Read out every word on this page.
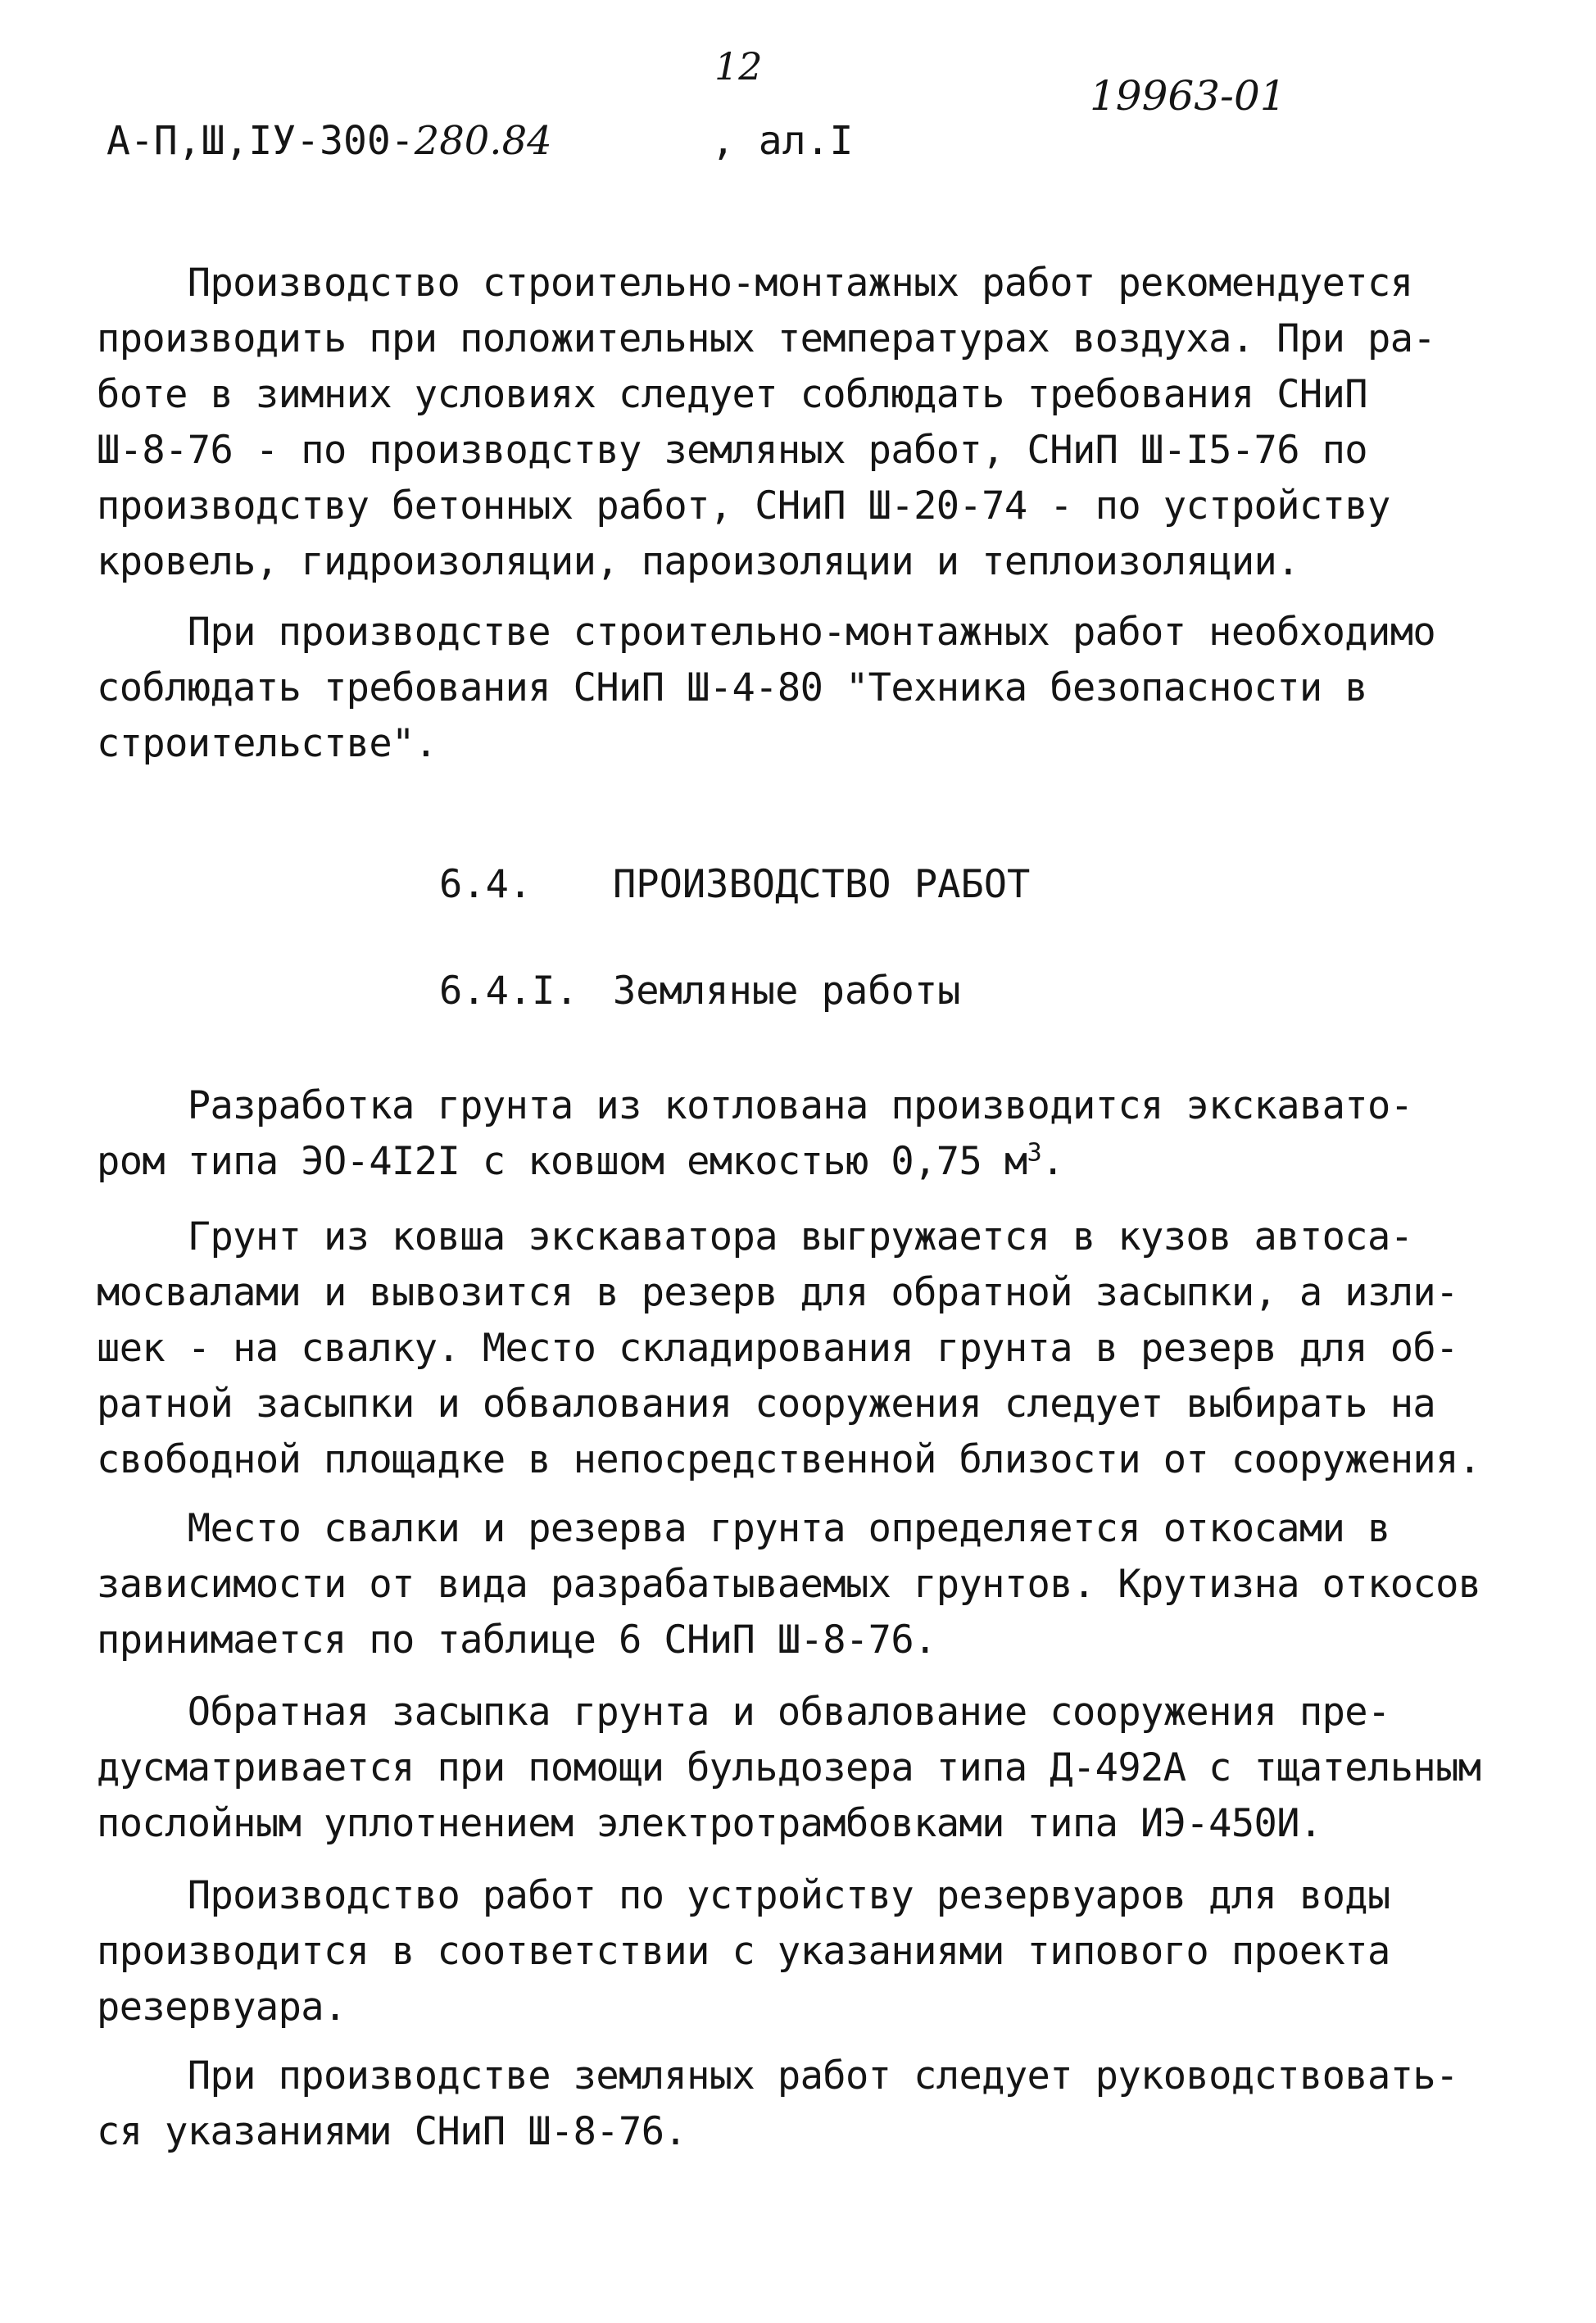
12
19963-01
А-П,Ш,IУ-300-280.84	, ал.I

Производство строительно-монтажных работ рекомендуется

производить при положительных температурах воздуха. При ра-

боте в зимних условиях следует соблюдать требования СНиП

Ш-8-76 - по производству земляных работ, СНиП Ш-I5-76 по

производству бетонных работ, СНиП Ш-20-74 - по устройству

кровель, гидроизоляции, пароизоляции и теплоизоляции.

При производстве строительно-монтажных работ необходимо

соблюдать требования СНиП Ш-4-80 "Техника безопасности в

строительстве".

6.4. ПРОИЗВОДСТВО РАБОТ
6.4.I. Земляные работы

Разработка грунта из котлована производится экскавато-

ром типа ЭО-4I2I с ковшом емкостью 0,75 $м^3$.

Грунт из ковша экскаватора выгружается в кузов автоса-

мосвалами и вывозится в резерв для обратной засыпки, а изли-

шек - на свалку. Место складирования грунта в резерв для об-

ратной засыпки и обвалования сооружения следует выбирать на

свободной площадке в непосредственной близости от сооружения.

Место свалки и резерва грунта определяется откосами в

зависимости от вида разрабатываемых грунтов. Крутизна откосов

принимается по таблице 6 СНиП Ш-8-76.

Обратная засыпка грунта и обвалование сооружения пре-

дусматривается при помощи бульдозера типа Д-492А с тщательным

послойным уплотнением электротрамбовками типа ИЭ-450И.

Производство работ по устройству резервуаров для воды

производится в соответствии с указаниями типового проекта

резервуара.

При производстве земляных работ следует руководствовать-

ся указаниями СНиП Ш-8-76.
